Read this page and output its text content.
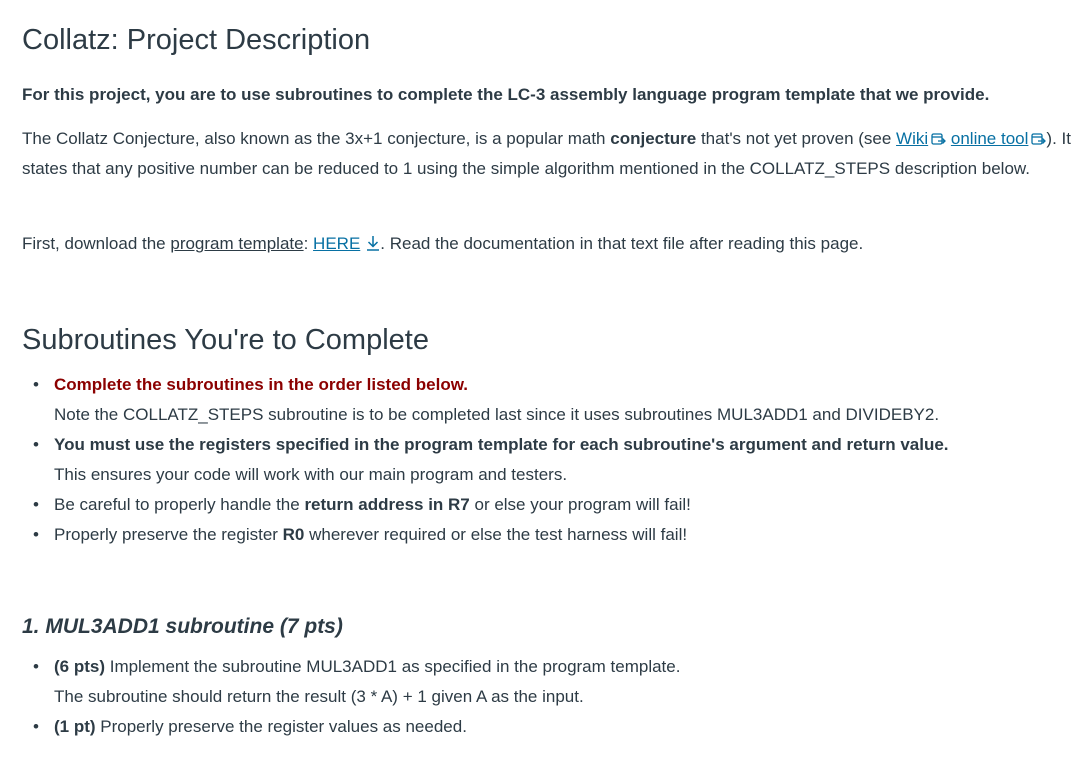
Collatz: Project Description
For this project, you are to use subroutines to complete the LC-3 assembly language program template that we provide.
The Collatz Conjecture, also known as the 3x+1 conjecture, is a popular math conjecture that's not yet proven (see Wiki online tool ). It states that any positive number can be reduced to 1 using the simple algorithm mentioned in the COLLATZ_STEPS description below.
First, download the program template: HERE . Read the documentation in that text file after reading this page.
Subroutines You're to Complete
• Complete the subroutines in the order listed below.
Note the COLLATZ_STEPS subroutine is to be completed last since it uses subroutines MUL3ADD1 and DIVIDEBY2.
• You must use the registers specified in the program template for each subroutine's argument and return value.
This ensures your code will work with our main program and testers.
• Be careful to properly handle the return address in R7 or else your program will fail!
• Properly preserve the register R0 wherever required or else the test harness will fail!
1. MUL3ADD1 subroutine (7 pts)
• (6 pts) Implement the subroutine MUL3ADD1 as specified in the program template.
The subroutine should return the result (3 * A) + 1 given A as the input.
• (1 pt) Properly preserve the register values as needed.
